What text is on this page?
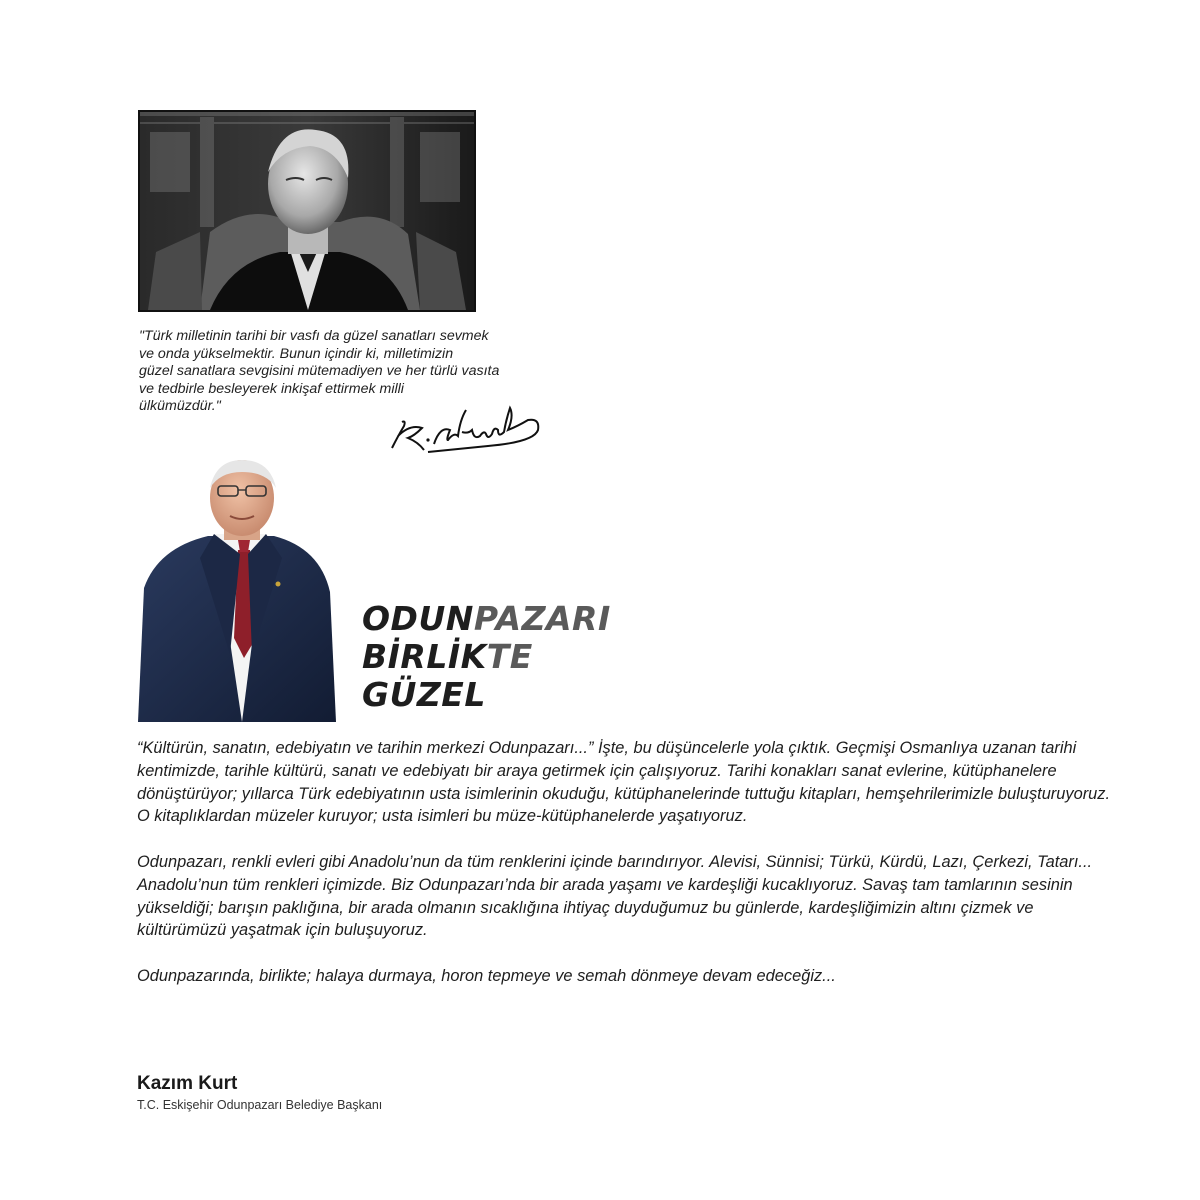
"Türk milletinin tarihi bir vasfı da güzel sanatları sevmek
ve onda yükselmektir. Bunun içindir ki, milletimizin
güzel sanatlara sevgisini mütemadiyen ve her türlü vasıta
ve tedbirle besleyerek inkişaf ettirmek milli
ülkümüzdür."

ODUNPAZARI
BİRLİKTE
GÜZEL

“Kültürün, sanatın, edebiyatın ve tarihin merkezi Odunpazarı...” İşte, bu düşüncelerle yola çıktık. Geçmişi Osmanlıya uzanan tarihi kentimizde, tarihle kültürü, sanatı ve edebiyatı bir araya getirmek için çalışıyoruz. Tarihi konakları sanat evlerine, kütüphanelere dönüştürüyor; yıllarca Türk edebiyatının usta isimlerinin okuduğu, kütüphanelerinde tuttuğu kitapları, hemşehrilerimizle buluşturuyoruz. O kitaplıklardan müzeler kuruyor; usta isimleri bu müze-kütüphanelerde yaşatıyoruz.

Odunpazarı, renkli evleri gibi Anadolu’nun da tüm renklerini içinde barındırıyor. Alevisi, Sünnisi; Türkü, Kürdü, Lazı, Çerkezi, Tatarı... Anadolu’nun tüm renkleri içimizde. Biz Odunpazarı’nda bir arada yaşamı ve kardeşliği kucaklıyoruz. Savaş tam tamlarının sesinin yükseldiği; barışın paklığına, bir arada olmanın sıcaklığına ihtiyaç duyduğumuz bu günlerde, kardeşliğimizin altını çizmek ve kültürümüzü yaşatmak için buluşuyoruz.

Odunpazarında, birlikte; halaya durmaya, horon tepmeye ve semah dönmeye devam edeceğiz...

Kazım Kurt
T.C. Eskişehir Odunpazarı Belediye Başkanı
